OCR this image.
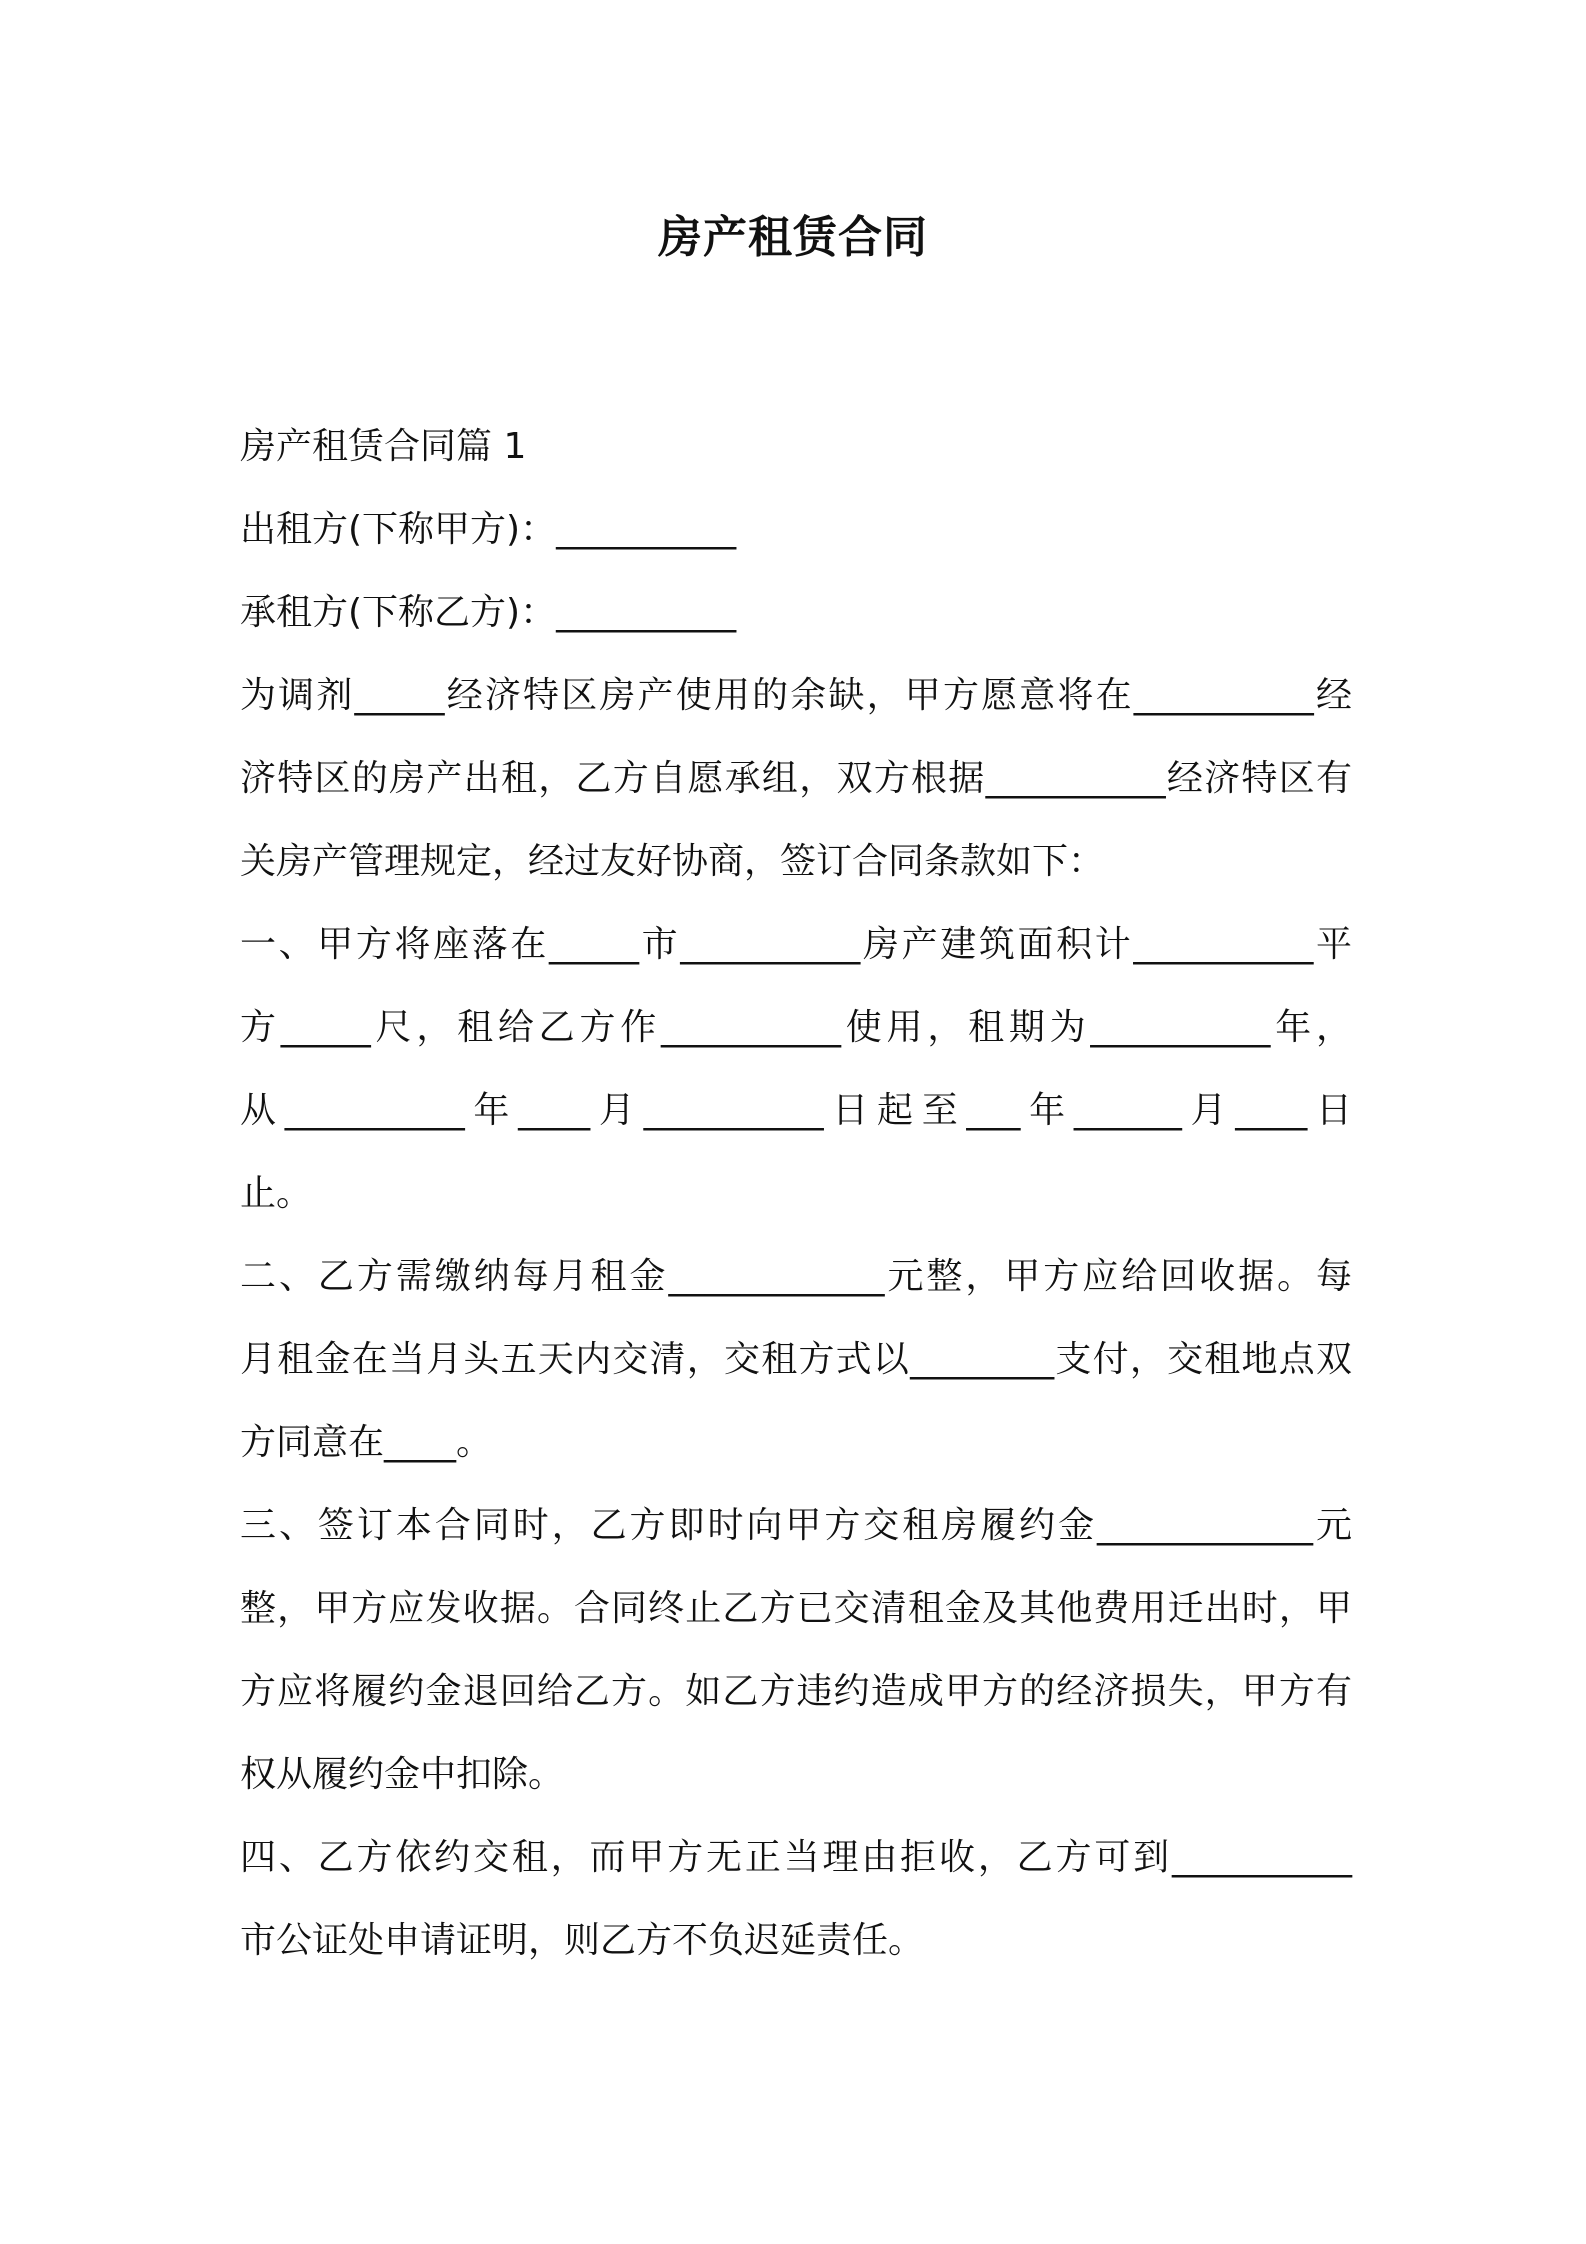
房产租赁合同

房产租赁合同篇 1

出租方(下称甲方)：__________

承租方(下称乙方)：__________

为调剂_____经济特区房产使用的余缺，甲方愿意将在__________经

济特区的房产出租，乙方自愿承组，双方根据__________经济特区有

关房产管理规定，经过友好协商，签订合同条款如下：

一、甲方将座落在_____市__________房产建筑面积计__________平

方_____尺，租给乙方作__________使用，租期为__________年，

从__________年____月__________日起至___年______月____日

止。

二、乙方需缴纳每月租金____________元整，甲方应给回收据。每

月租金在当月头五天内交清，交租方式以________支付，交租地点双

方同意在____。

三、签订本合同时，乙方即时向甲方交租房履约金____________元

整，甲方应发收据。合同终止乙方已交清租金及其他费用迁出时，甲

方应将履约金退回给乙方。如乙方违约造成甲方的经济损失，甲方有

权从履约金中扣除。

四、乙方依约交租，而甲方无正当理由拒收，乙方可到__________

市公证处申请证明，则乙方不负迟延责任。
